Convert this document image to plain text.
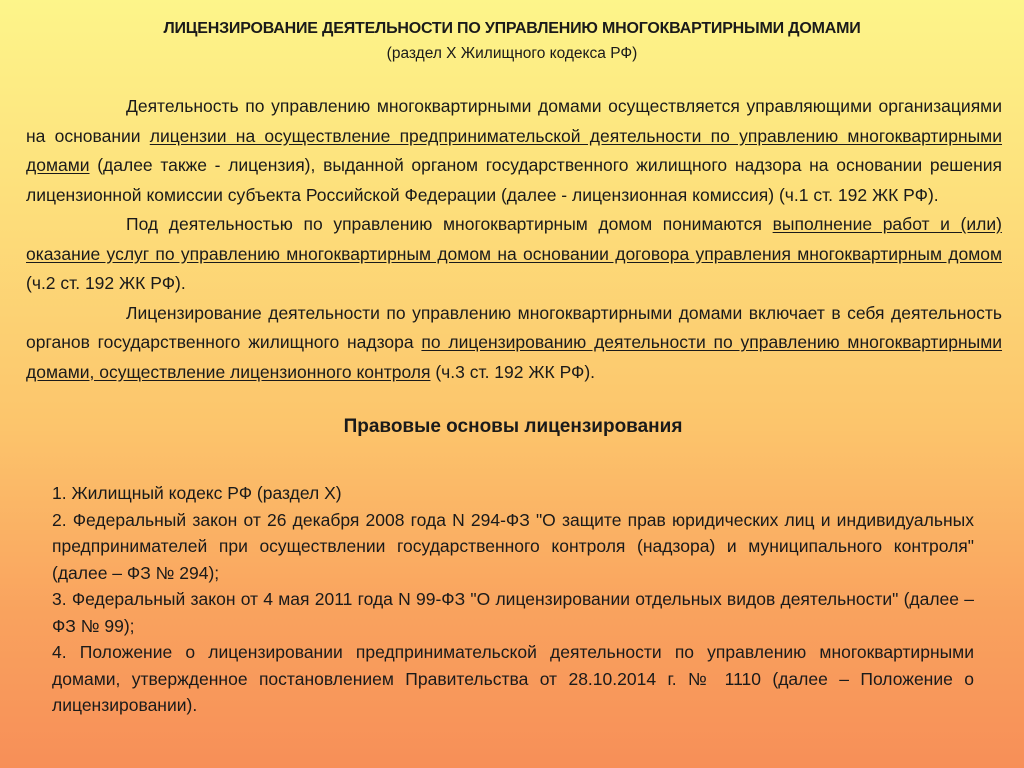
ЛИЦЕНЗИРОВАНИЕ ДЕЯТЕЛЬНОСТИ ПО УПРАВЛЕНИЮ МНОГОКВАРТИРНЫМИ ДОМАМИ
(раздел X Жилищного кодекса РФ)

Деятельность по управлению многоквартирными домами осуществляется управляющими организациями на основании лицензии на осуществление предпринимательской деятельности по управлению многоквартирными домами (далее также - лицензия), выданной органом государственного жилищного надзора на основании решения лицензионной комиссии субъекта Российской Федерации (далее - лицензионная комиссия) (ч.1 ст. 192 ЖК РФ).

Под деятельностью по управлению многоквартирным домом понимаются выполнение работ и (или) оказание услуг по управлению многоквартирным домом на основании договора управления многоквартирным домом (ч.2 ст. 192 ЖК РФ).

Лицензирование деятельности по управлению многоквартирными домами включает в себя деятельность органов государственного жилищного надзора по лицензированию деятельности по управлению многоквартирными домами, осуществление лицензионного контроля (ч.3 ст. 192 ЖК РФ).

Правовые основы лицензирования

1. Жилищный кодекс РФ (раздел X)

2. Федеральный закон от 26 декабря 2008 года N 294-ФЗ "О защите прав юридических лиц и индивидуальных предпринимателей при осуществлении государственного контроля (надзора) и муниципального контроля" (далее – ФЗ № 294);

3. Федеральный закон от 4 мая 2011 года N 99-ФЗ "О лицензировании отдельных видов деятельности" (далее – ФЗ № 99);

4. Положение о лицензировании предпринимательской деятельности по управлению многоквартирными домами, утвержденное постановлением Правительства от 28.10.2014 г. № 1110 (далее – Положение о лицензировании).
